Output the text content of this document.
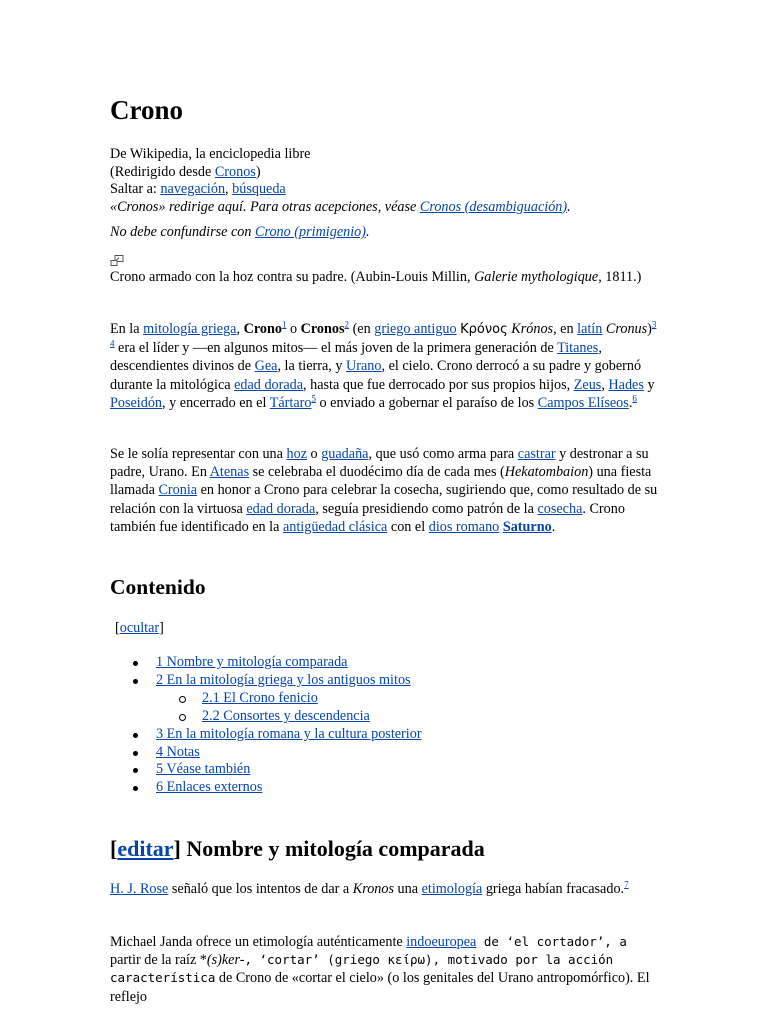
Crono
De Wikipedia, la enciclopedia libre
(Redirigido desde Cronos)
Saltar a: navegación, búsqueda
«Cronos» redirige aquí. Para otras acepciones, véase Cronos (desambiguación).
No debe confundirse con Crono (primigenio).

Crono armado con la hoz contra su padre. (Aubin-Louis Millin, Galerie mythologique, 1811.)

En la mitología griega, Crono$^1$ o Cronos$^2$ (en griego antiguo Κρόνος Krónos, en latín Cronus)$^{3 4}$ era el líder y —en algunos mitos— el más joven de la primera generación de Titanes, descendientes divinos de Gea, la tierra, y Urano, el cielo. Crono derrocó a su padre y gobernó durante la mitológica edad dorada, hasta que fue derrocado por sus propios hijos, Zeus, Hades y Poseidón, y encerrado en el Tártaro$^5$ o enviado a gobernar el paraíso de los Campos Elíseos.$^6$

Se le solía representar con una hoz o guadaña, que usó como arma para castrar y destronar a su padre, Urano. En Atenas se celebraba el duodécimo día de cada mes (Hekatombaion) una fiesta llamada Cronia en honor a Crono para celebrar la cosecha, sugiriendo que, como resultado de su relación con la virtuosa edad dorada, seguía presidiendo como patrón de la cosecha. Crono también fue identificado en la antigüedad clásica con el dios romano Saturno.

Contenido
[ocultar]
1 Nombre y mitología comparada
2 En la mitología griega y los antiguos mitos
2.1 El Crono fenicio
2.2 Consortes y descendencia
3 En la mitología romana y la cultura posterior
4 Notas
5 Véase también
6 Enlaces externos
[editar] Nombre y mitología comparada

H. J. Rose señaló que los intentos de dar a Kronos una etimología griega habían fracasado.$^7$

Michael Janda ofrece un etimología auténticamente indoeuropea de ‘el cortador’, a partir de la raíz *(s)ker-, ‘cortar’ (griego κείρω), motivado por la acción característica de Crono de «cortar el cielo» (o los genitales del Urano antropomórfico). El reflejo
